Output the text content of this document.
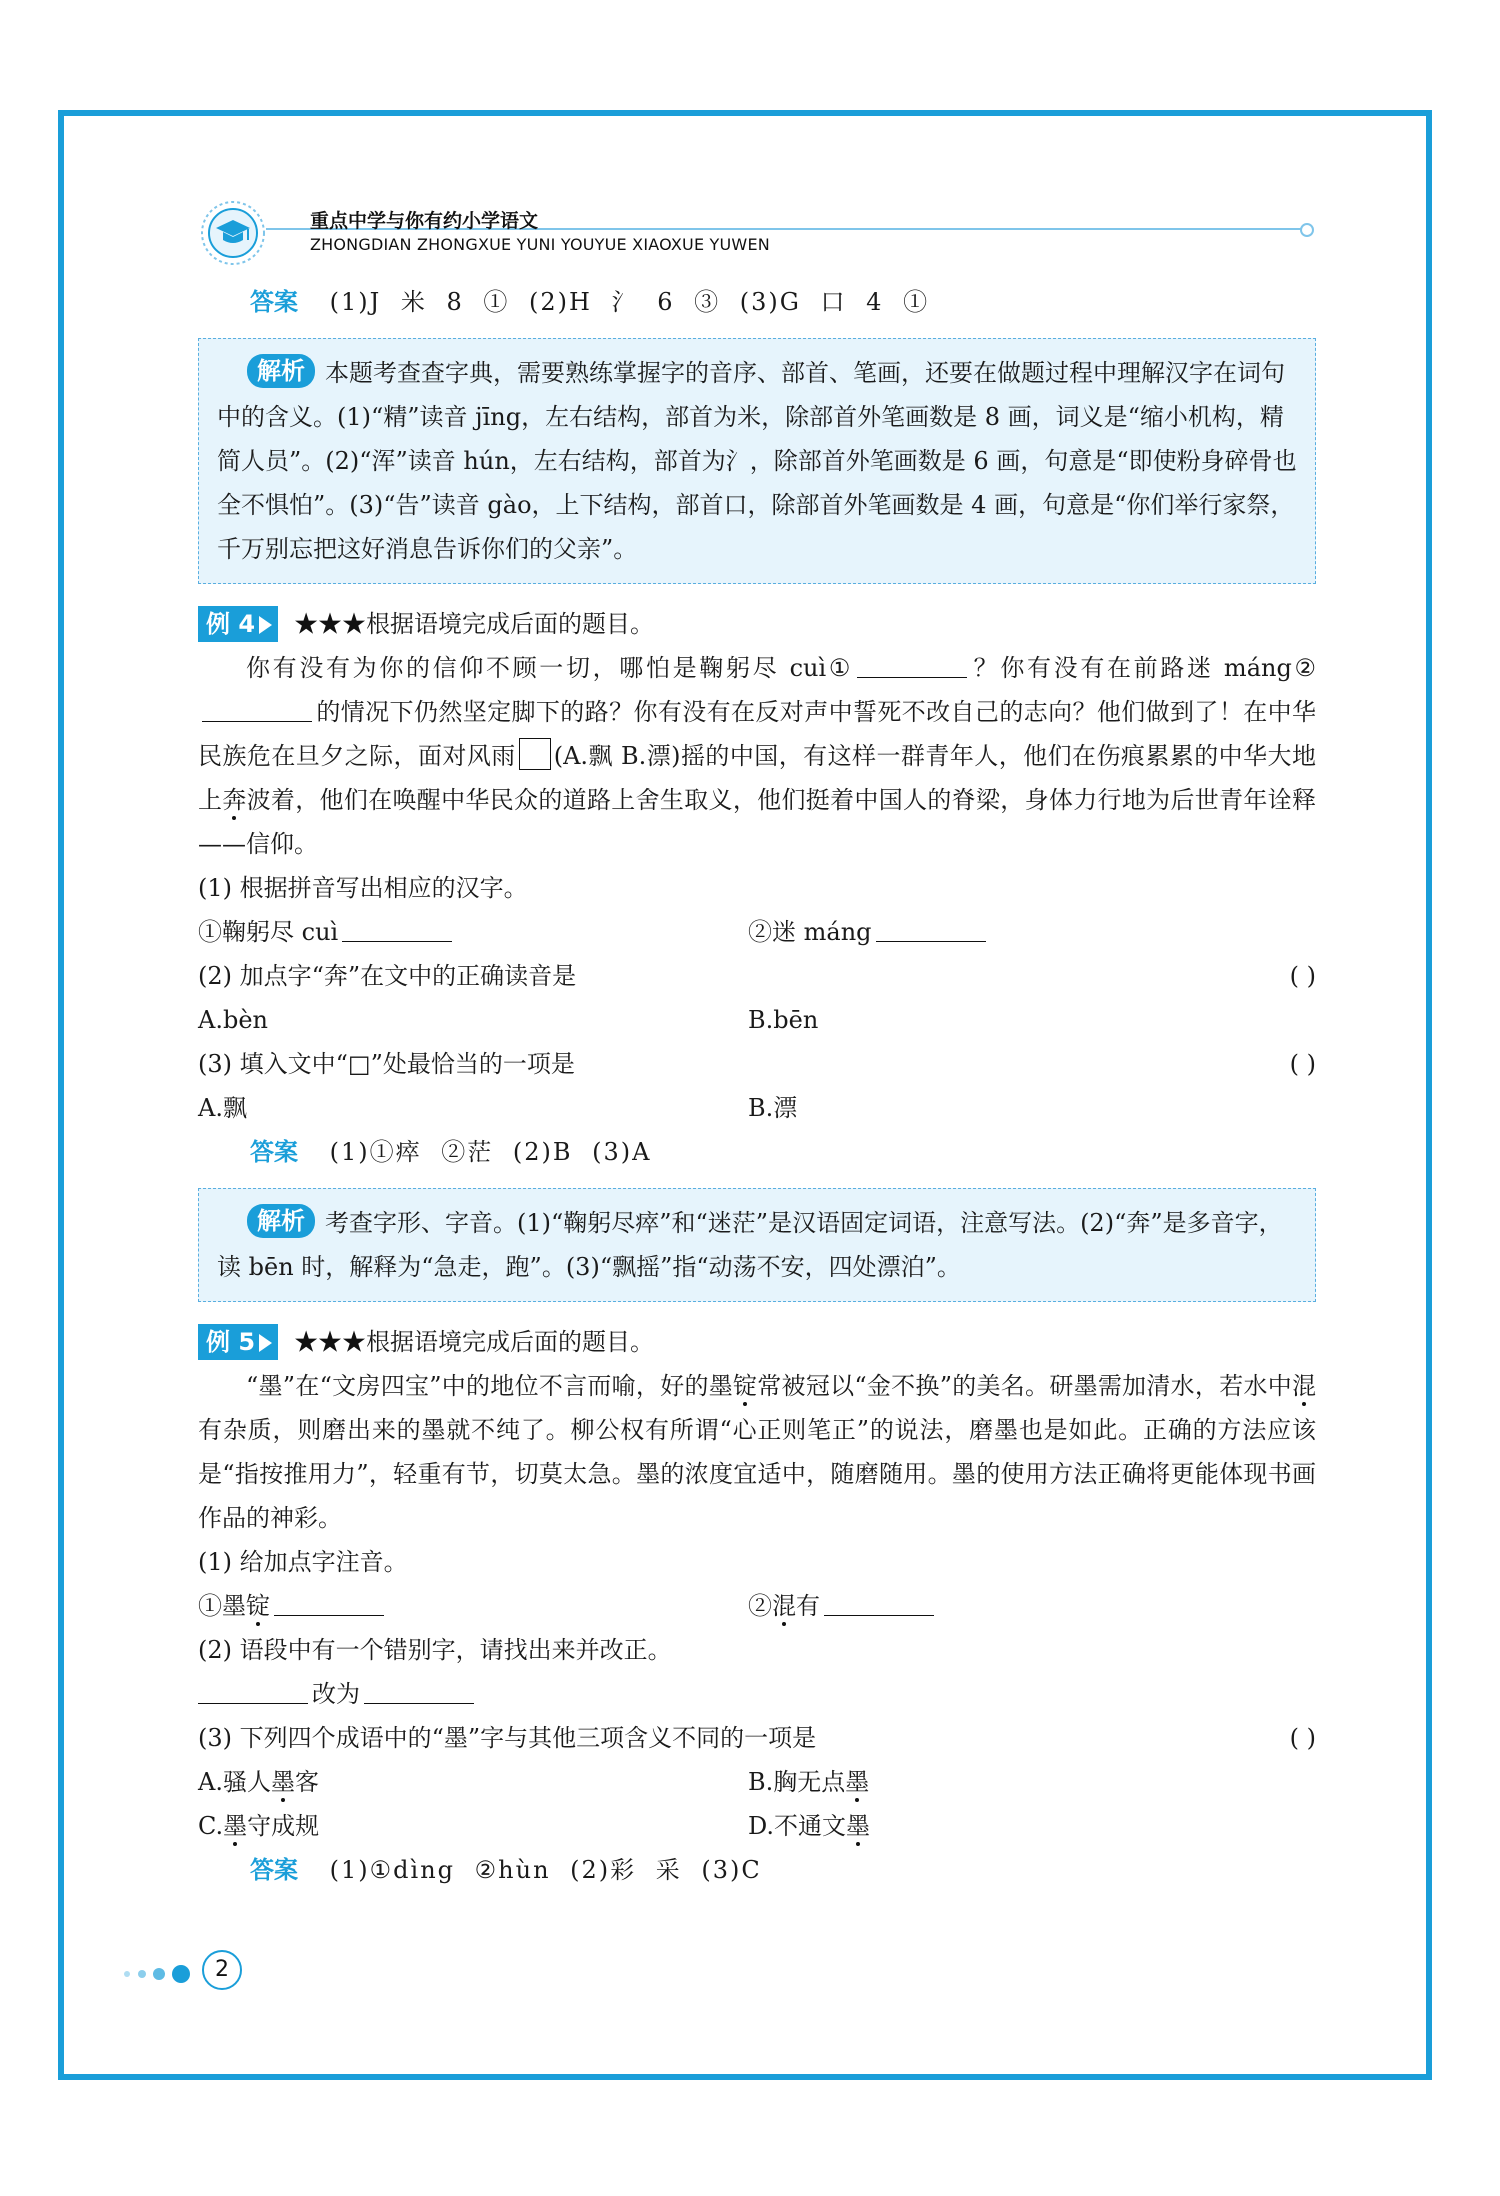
重点中学与你有约小学语文
ZHONGDIAN ZHONGXUE YUNI YOUYUE XIAOXUE YUWEN
答案 (1)J 米 8 ① (2)H 氵 6 ③ (3)G 口 4 ①
解析 本题考查查字典，需要熟练掌握字的音序、部首、笔画，还要在做题过程中理解汉字在词句中的含义。(1)“精”读音 jīng，左右结构，部首为米，除部首外笔画数是 8 画，词义是“缩小机构，精简人员”。(2)“浑”读音 hún，左右结构，部首为氵，除部首外笔画数是 6 画，句意是“即使粉身碎骨也全不惧怕”。(3)“告”读音 gào，上下结构，部首口，除部首外笔画数是 4 画，句意是“你们举行家祭，千万别忘把这好消息告诉你们的父亲”。
例 4 ★★★根据语境完成后面的题目。
你有没有为你的信仰不顾一切，哪怕是鞠躬尽 cuì①	？你有没有在前路迷 máng②的情况下仍然坚定脚下的路？你有没有在反对声中誓死不改自己的志向？他们做到了！在中华民族危在旦夕之际，面对风雨 (A.飘 B.漂)摇的中国，有这样一群青年人，他们在伤痕累累的中华大地上奔波着，他们在唤醒中华民众的道路上舍生取义，他们挺着中国人的脊梁，身体力行地为后世青年诠释——信仰。
(1) 根据拼音写出相应的汉字。
①鞠躬尽 cuì	②迷 máng
(2) 加点字“奔”在文中的正确读音是	( )
A.bèn	B.bēn
(3) 填入文中“□”处最恰当的一项是	( )
A.飘	B.漂
答案 (1)①瘁 ②茫 (2)B (3)A
解析 考查字形、字音。(1)“鞠躬尽瘁”和“迷茫”是汉语固定词语，注意写法。(2)“奔”是多音字，读 bēn 时，解释为“急走，跑”。(3)“飘摇”指“动荡不安，四处漂泊”。
例 5 ★★★根据语境完成后面的题目。
“墨”在“文房四宝”中的地位不言而喻，好的墨锭常被冠以“金不换”的美名。研墨需加清水，若水中混有杂质，则磨出来的墨就不纯了。柳公权有所谓“心正则笔正”的说法，磨墨也是如此。正确的方法应该是“指按推用力”，轻重有节，切莫太急。墨的浓度宜适中，随磨随用。墨的使用方法正确将更能体现书画作品的神彩。
(1) 给加点字注音。
①墨锭	②混有
(2) 语段中有一个错别字，请找出来并改正。
改为
(3) 下列四个成语中的“墨”字与其他三项含义不同的一项是	( )
A.骚人墨客	B.胸无点墨
C.墨守成规	D.不通文墨
答案 (1)①dìng ②hùn (2)彩 采 (3)C
2
